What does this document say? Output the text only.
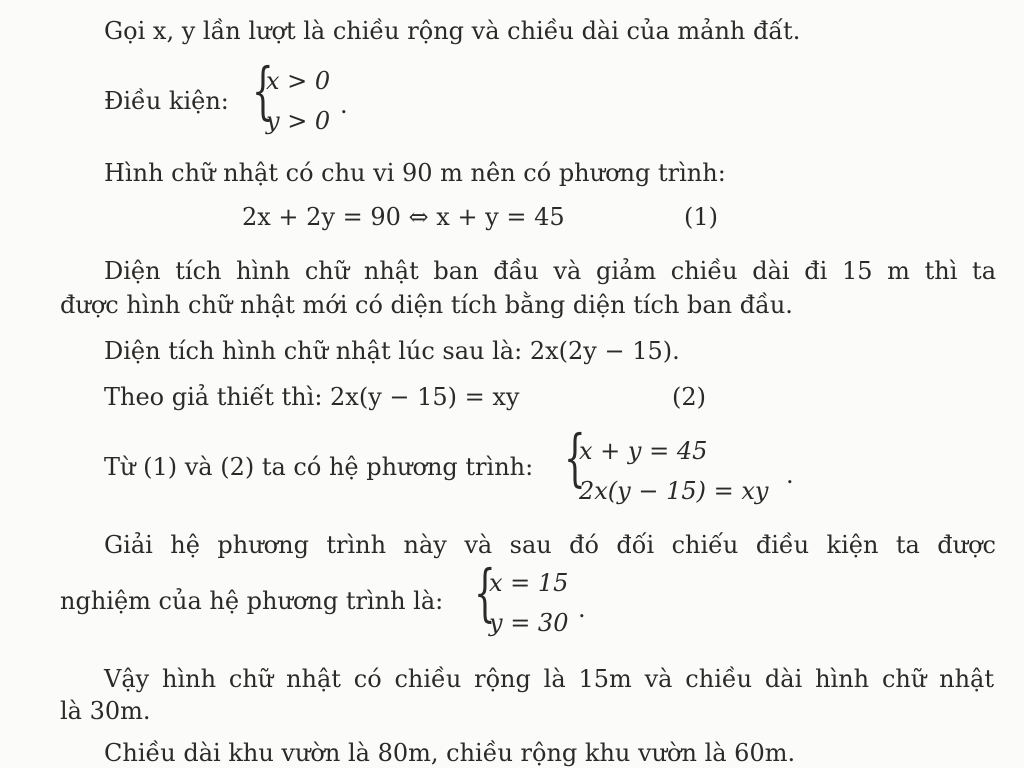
Gọi x, y lần lượt là chiều rộng và chiều dài của mảnh đất.
Điều kiện: {
x > 0
y > 0
.
Hình chữ nhật có chu vi 90 m nên có phương trình:
2x + 2y = 90 ⇔ x + y = 45	(1)
Diện tích hình chữ nhật ban đầu và giảm chiều dài đi 15 m thì ta
được hình chữ nhật mới có diện tích bằng diện tích ban đầu.
Diện tích hình chữ nhật lúc sau là: 2x(2y − 15).
Theo giả thiết thì: 2x(y − 15) = xy	(2)
Từ (1) và (2) ta có hệ phương trình: {
x + y = 45
2x(y − 15) = xy
.
Giải hệ phương trình này và sau đó đối chiếu điều kiện ta được
nghiệm của hệ phương trình là: {
x = 15
y = 30 .
Vậy hình chữ nhật có chiều rộng là 15m và chiều dài hình chữ nhật
là 30m.
Chiều dài khu vườn là 80m, chiều rộng khu vườn là 60m.
